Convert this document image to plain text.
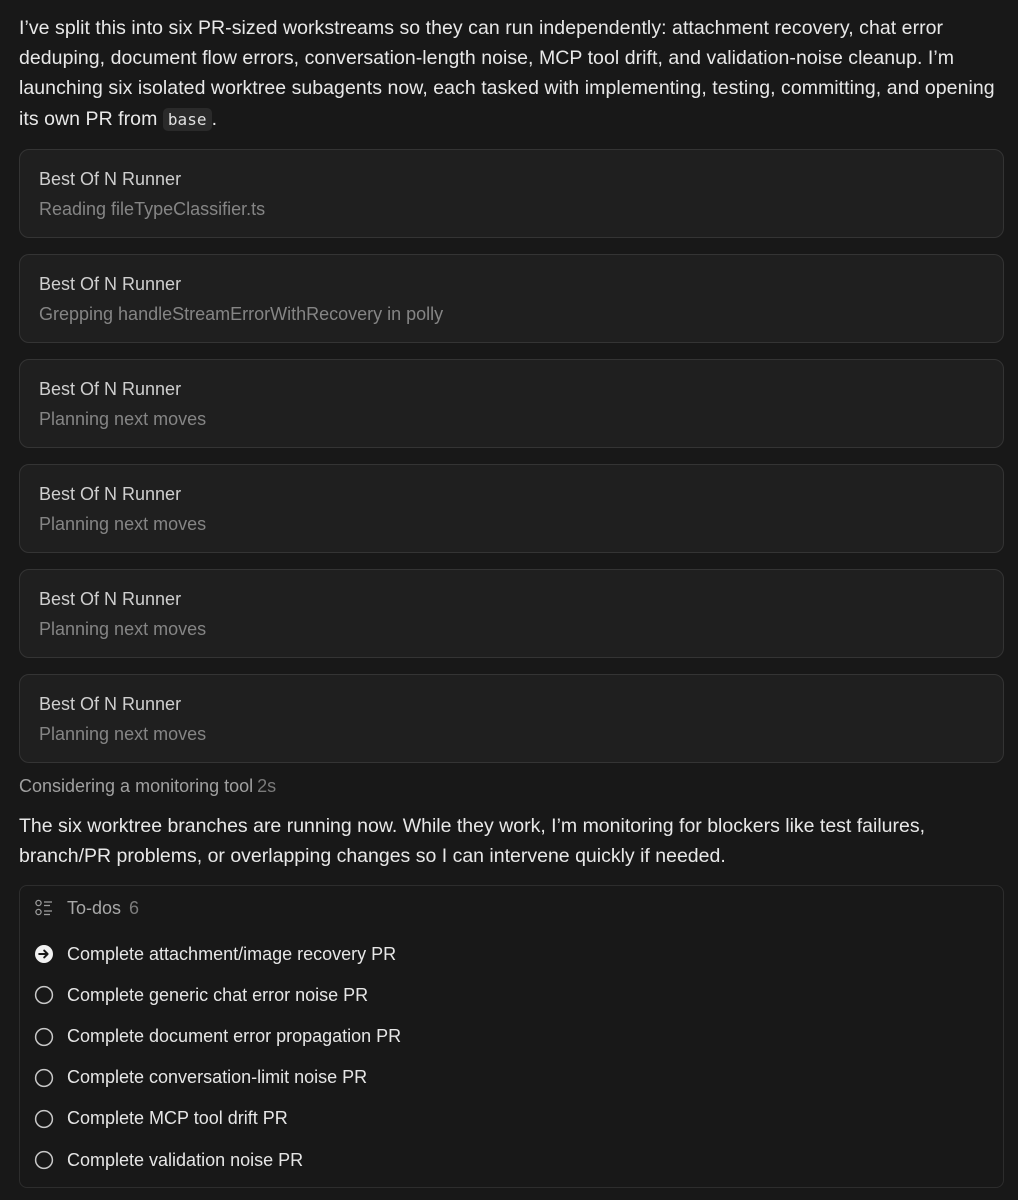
I’ve split this into six PR-sized workstreams so they can run independently: attachment recovery, chat error deduping, document flow errors, conversation-length noise, MCP tool drift, and validation-noise cleanup. I’m launching six isolated worktree subagents now, each tasked with implementing, testing, committing, and opening its own PR from base .

Best Of N Runner

Reading fileTypeClassifier.ts

Best Of N Runner

Grepping handleStreamErrorWithRecovery in polly

Best Of N Runner

Planning next moves

Best Of N Runner

Planning next moves

Best Of N Runner

Planning next moves

Best Of N Runner

Planning next moves

Considering a monitoring tool 2s

The six worktree branches are running now. While they work, I’m monitoring for blockers like test failures, branch/PR problems, or overlapping changes so I can intervene quickly if needed.

To-dos 6
Complete attachment/image recovery PR
Complete generic chat error noise PR
Complete document error propagation PR
Complete conversation-limit noise PR
Complete MCP tool drift PR
Complete validation noise PR
